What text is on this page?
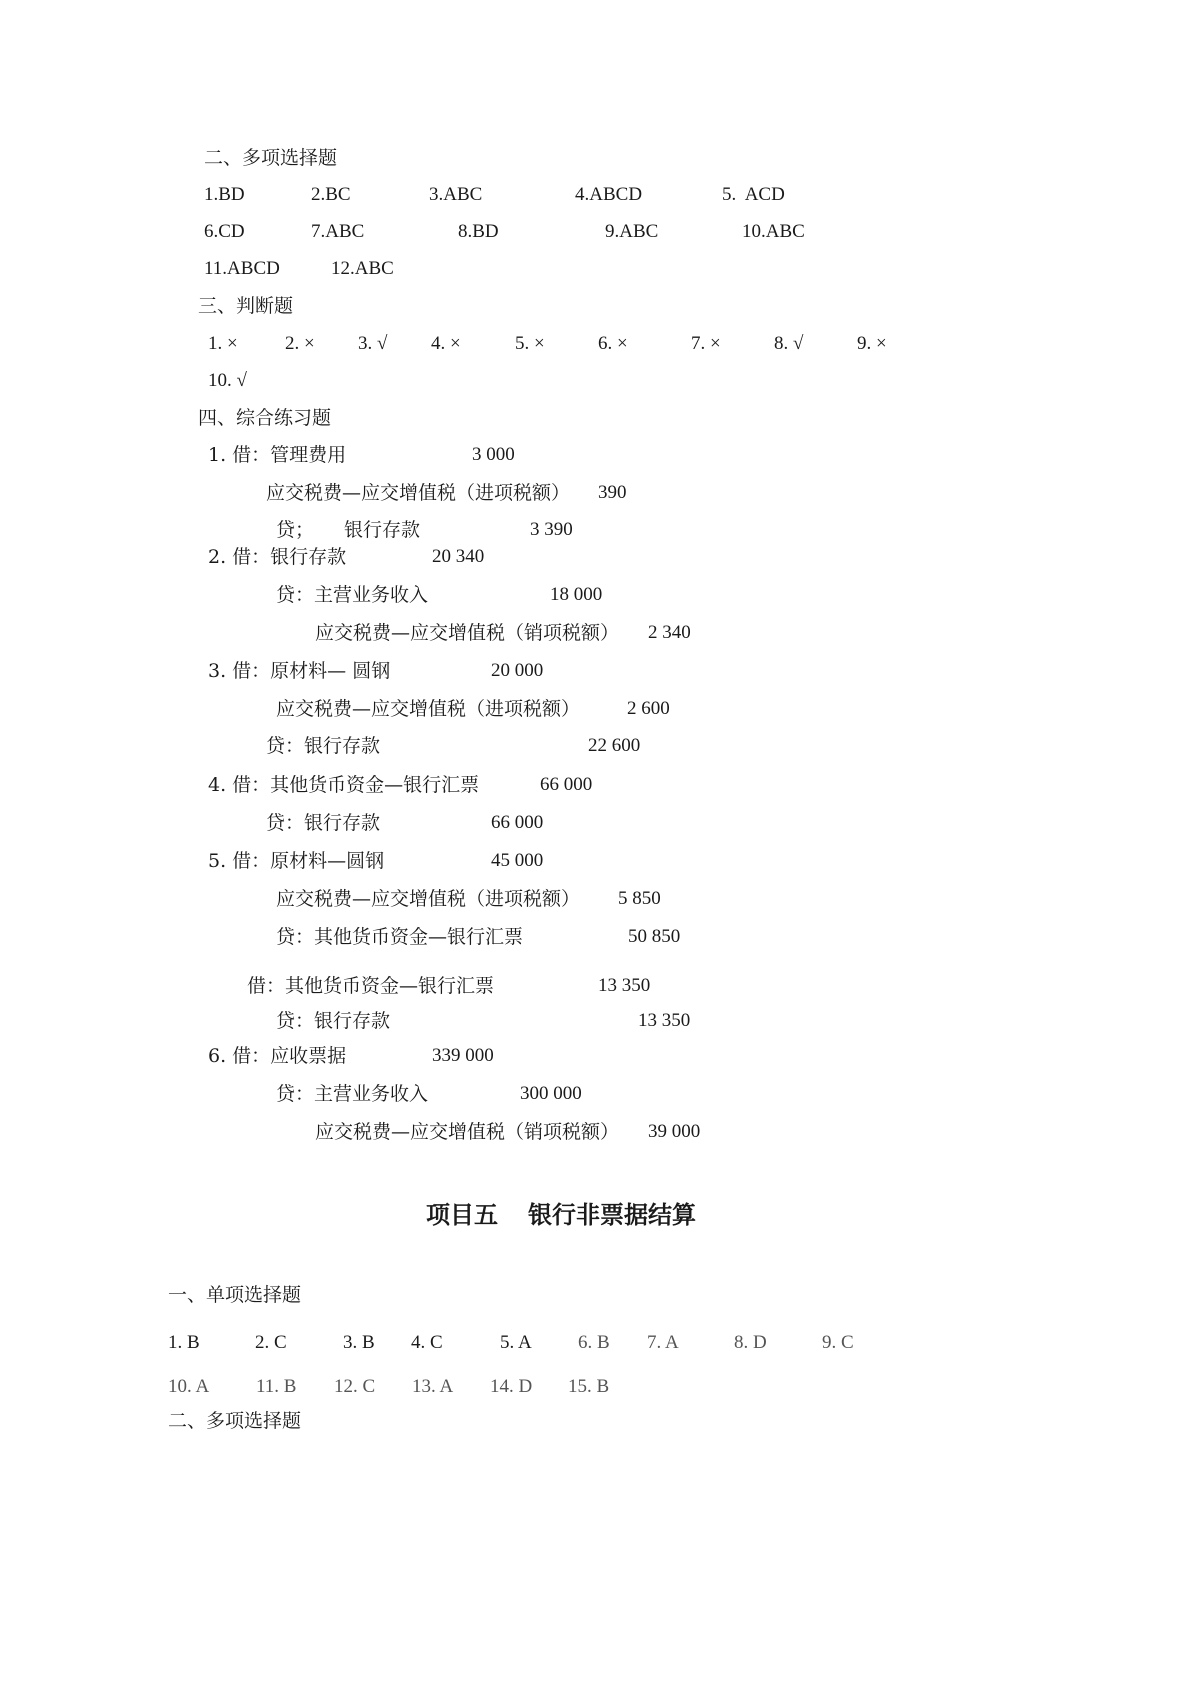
二、多项选择题
1.BD	2.BC	3.ABC	4.ABCD	5.  ACD
6.CD	7.ABC	8.BD	9.ABC	10.ABC
11.ABCD	12.ABC
三、判断题
1. × 2. × 3. √ 4. ×	5. ×	6. ×	7. ×	8. √	9. ×
10. √
四、综合练习题
1. 借：管理费用	3 000
应交税费—应交增值税（进项税额） 390
贷； 银行存款	3 390
2. 借：银行存款	20 340
贷：主营业务收入	18 000
应交税费—应交增值税（销项税额） 2 340
3. 借：原材料— 圆钢	20 000
应交税费—应交增值税（进项税额） 2 600
贷：银行存款	22 600
4. 借：其他货币资金—银行汇票	66 000
贷：银行存款	66 000
5. 借：原材料—圆钢	45 000
应交税费—应交增值税（进项税额） 5 850
贷：其他货币资金—银行汇票	50 850
借：其他货币资金—银行汇票	13 350
贷：银行存款	13 350
6. 借：应收票据	339 000
贷：主营业务收入	300 000
应交税费—应交增值税（销项税额） 39 000
项目五 银行非票据结算
一、单项选择题
1. B	2. C	3. B 4. C	5. A 6. B 7. A	8. D	9. C
10. A 11. B 12. C 13. A 14. D 15. B
二、多项选择题
